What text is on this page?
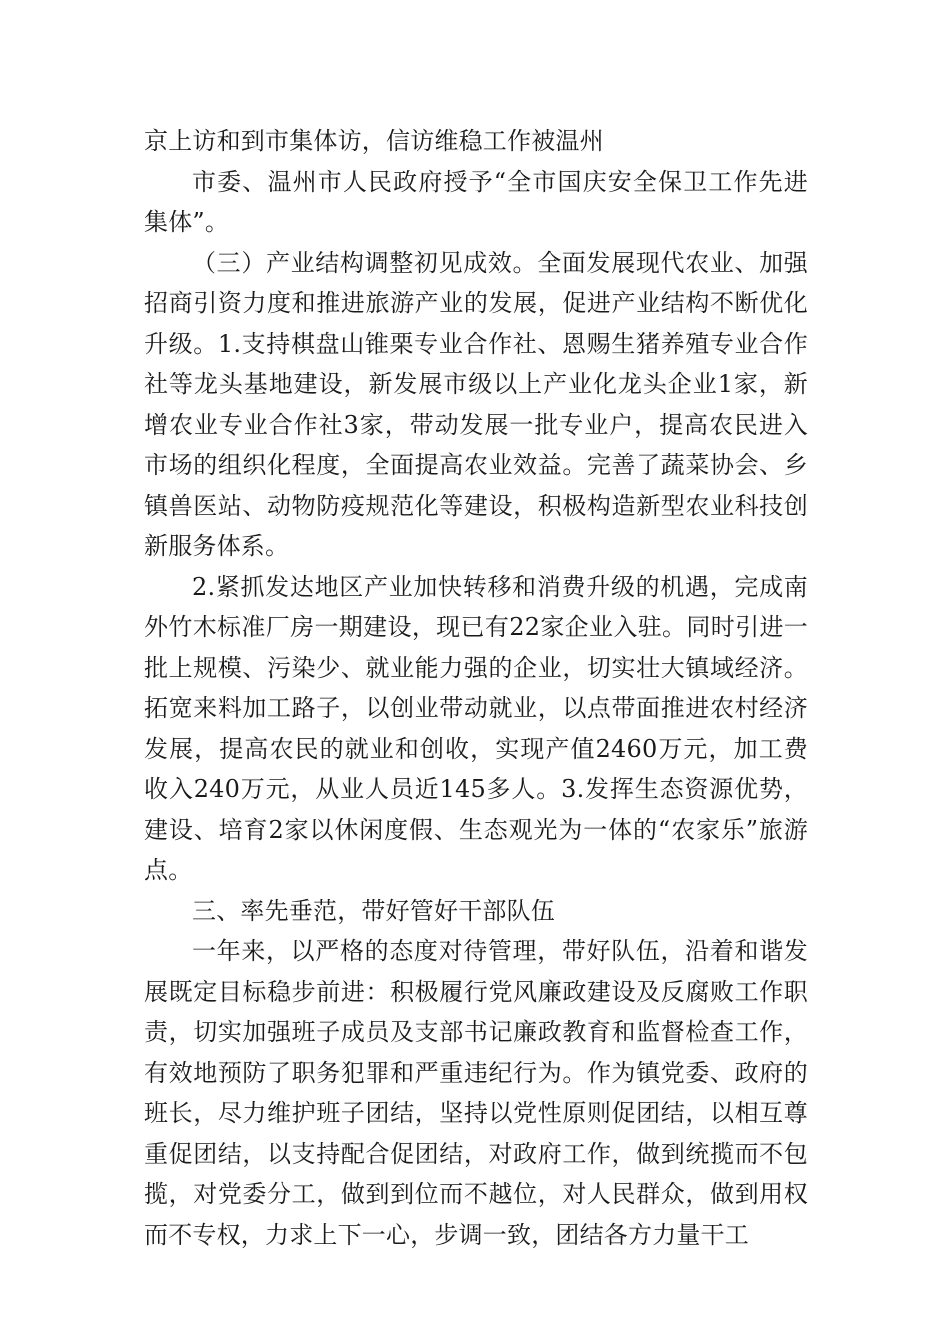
京上访和到市集体访，信访维稳工作被温州

市委、温州市人民政府授予“全市国庆安全保卫工作先进集体”。

（三）产业结构调整初见成效。全面发展现代农业、加强招商引资力度和推进旅游产业的发展，促进产业结构不断优化升级。1.支持棋盘山锥栗专业合作社、恩赐生猪养殖专业合作社等龙头基地建设，新发展市级以上产业化龙头企业1家，新增农业专业合作社3家，带动发展一批专业户，提高农民进入市场的组织化程度，全面提高农业效益。完善了蔬菜协会、乡镇兽医站、动物防疫规范化等建设，积极构造新型农业科技创新服务体系。

2.紧抓发达地区产业加快转移和消费升级的机遇，完成南外竹木标准厂房一期建设，现已有22家企业入驻。同时引进一批上规模、污染少、就业能力强的企业，切实壮大镇域经济。拓宽来料加工路子，以创业带动就业，以点带面推进农村经济发展，提高农民的就业和创收，实现产值2460万元，加工费收入240万元，从业人员近145多人。3.发挥生态资源优势，建设、培育2家以休闲度假、生态观光为一体的“农家乐”旅游点。

三、率先垂范，带好管好干部队伍

一年来，以严格的态度对待管理，带好队伍，沿着和谐发展既定目标稳步前进：积极履行党风廉政建设及反腐败工作职责，切实加强班子成员及支部书记廉政教育和监督检查工作，有效地预防了职务犯罪和严重违纪行为。作为镇党委、政府的班长，尽力维护班子团结，坚持以党性原则促团结，以相互尊重促团结，以支持配合促团结，对政府工作，做到统揽而不包揽，对党委分工，做到到位而不越位，对人民群众，做到用权而不专权，力求上下一心，步调一致，团结各方力量干工
